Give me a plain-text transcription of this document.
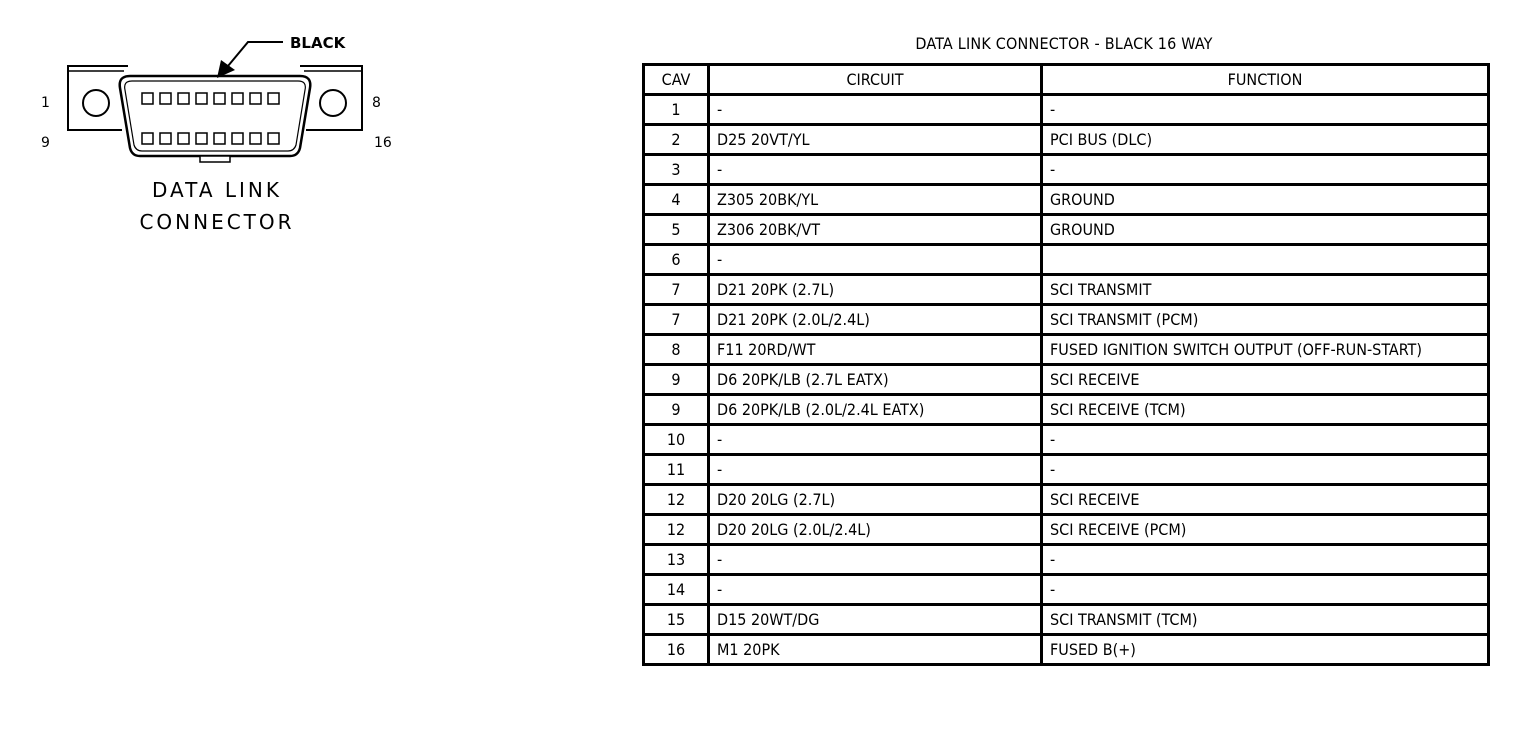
BLACK
1
9
8
16
DATA LINK
CONNECTOR
DATA LINK CONNECTOR - BLACK 16 WAY
CAV	CIRCUIT	FUNCTION
1	-	-
2	D25 20VT/YL	PCI BUS (DLC)
3	-	-
4	Z305 20BK/YL	GROUND
5	Z306 20BK/VT	GROUND
6	-	
7	D21 20PK (2.7L)	SCI TRANSMIT
7	D21 20PK (2.0L/2.4L)	SCI TRANSMIT (PCM)
8	F11 20RD/WT	FUSED IGNITION SWITCH OUTPUT (OFF-RUN-START)
9	D6 20PK/LB (2.7L EATX)	SCI RECEIVE
9	D6 20PK/LB (2.0L/2.4L EATX)	SCI RECEIVE (TCM)
10	-	-
11	-	-
12	D20 20LG (2.7L)	SCI RECEIVE
12	D20 20LG (2.0L/2.4L)	SCI RECEIVE (PCM)
13	-	-
14	-	-
15	D15 20WT/DG	SCI TRANSMIT (TCM)
16	M1 20PK	FUSED B(+)
